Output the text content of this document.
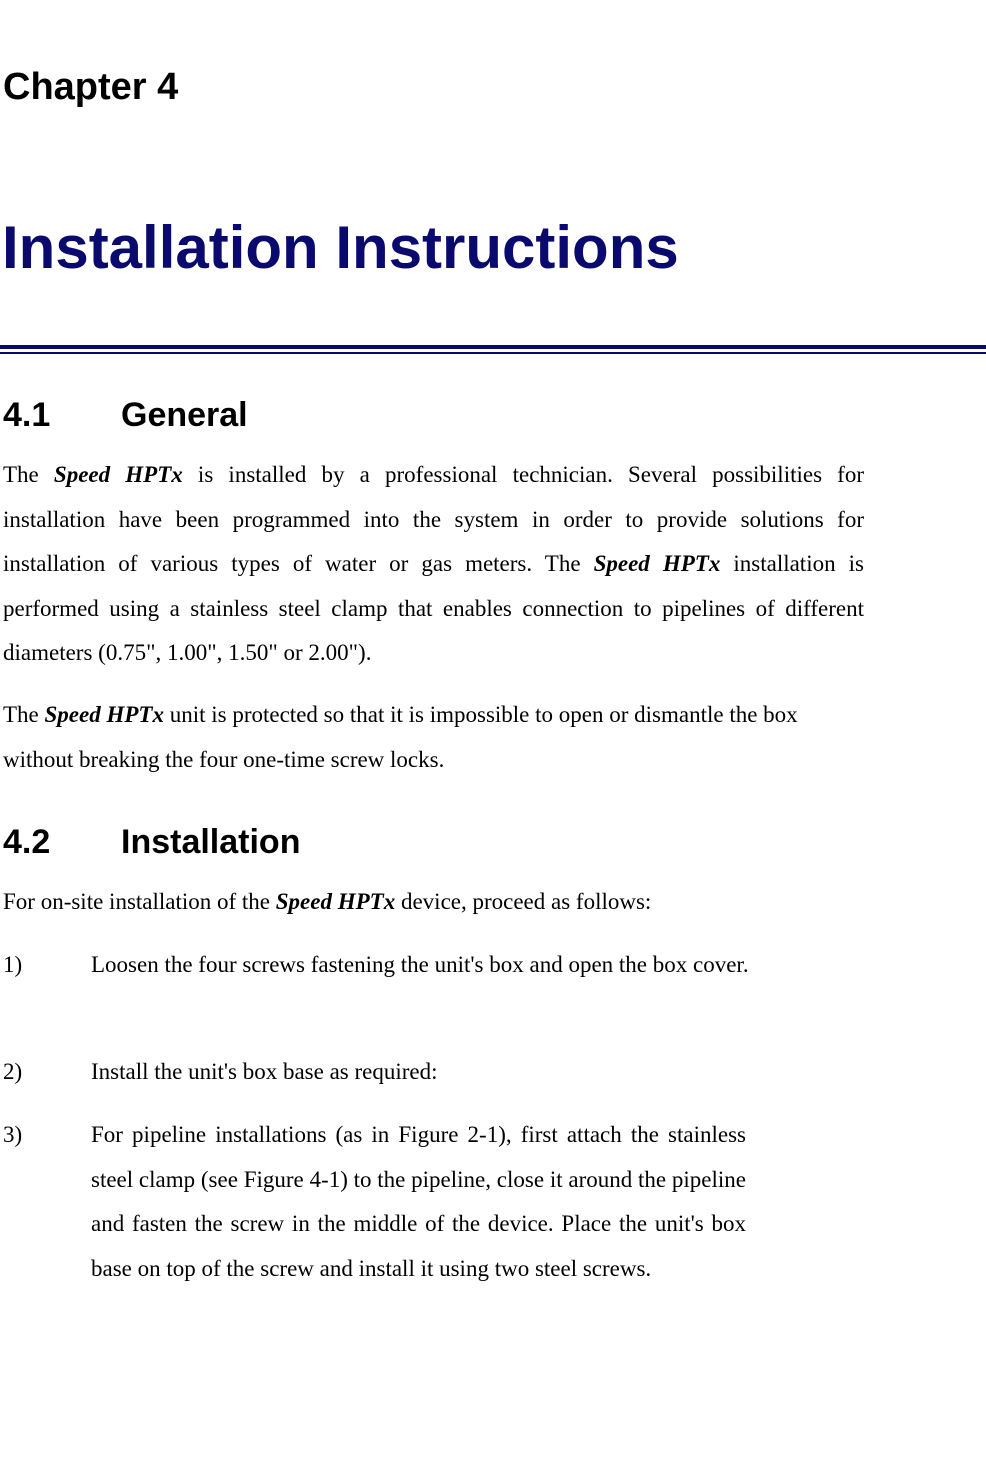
Chapter 4
Installation Instructions
4.1 General

The Speed HPTx is installed by a professional technician. Several possibilities for installation have been programmed into the system in order to provide solutions for installation of various types of water or gas meters. The Speed HPTx installation is performed using a stainless steel clamp that enables connection to pipelines of different diameters (0.75", 1.00", 1.50" or 2.00").

The Speed HPTx unit is protected so that it is impossible to open or dismantle the box without breaking the four one-time screw locks.

4.2 Installation

For on-site installation of the Speed HPTx device, proceed as follows:

1)	Loosen the four screws fastening the unit's box and open the box cover.

2)	Install the unit's box base as required:

3)	For pipeline installations (as in Figure 2-1), first attach the stainless steel clamp (see Figure 4-1) to the pipeline, close it around the pipeline and fasten the screw in the middle of the device. Place the unit's box base on top of the screw and install it using two steel screws.
